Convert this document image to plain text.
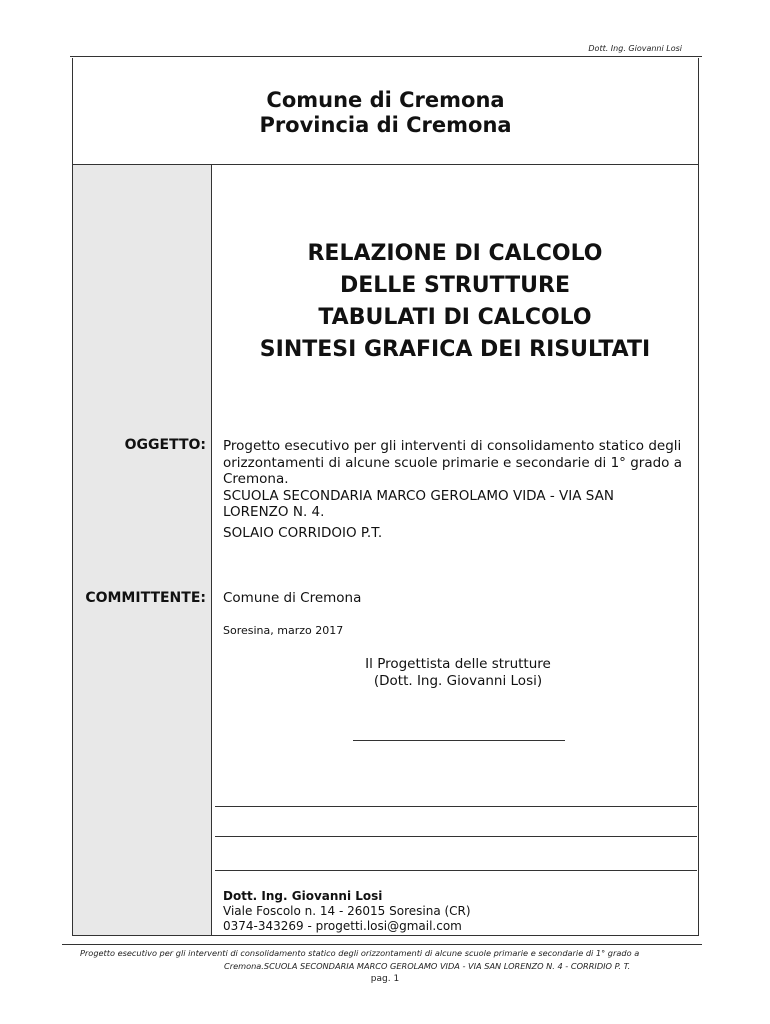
Dott. Ing. Giovanni Losi
Comune di Cremona
Provincia di Cremona
RELAZIONE DI CALCOLO
DELLE STRUTTURE
TABULATI DI CALCOLO
SINTESI GRAFICA DEI RISULTATI
OGGETTO: Progetto esecutivo per gli interventi di consolidamento statico degli
orizzontamenti di alcune scuole primarie e secondarie di 1° grado a
Cremona.
SCUOLA SECONDARIA MARCO GEROLAMO VIDA - VIA SAN
LORENZO N. 4.
SOLAIO CORRIDOIO P.T.
COMMITTENTE: Comune di Cremona
Soresina, marzo 2017
Il Progettista delle strutture
(Dott. Ing. Giovanni Losi)
Dott. Ing. Giovanni Losi
Viale Foscolo n. 14 - 26015 Soresina (CR)
0374-343269 - progetti.losi@gmail.com
Progetto esecutivo per gli interventi di consolidamento statico degli orizzontamenti di alcune scuole primarie e secondarie di 1° grado a
Cremona.SCUOLA SECONDARIA MARCO GEROLAMO VIDA - VIA SAN LORENZO N. 4 - CORRIDIO P. T.
pag. 1
